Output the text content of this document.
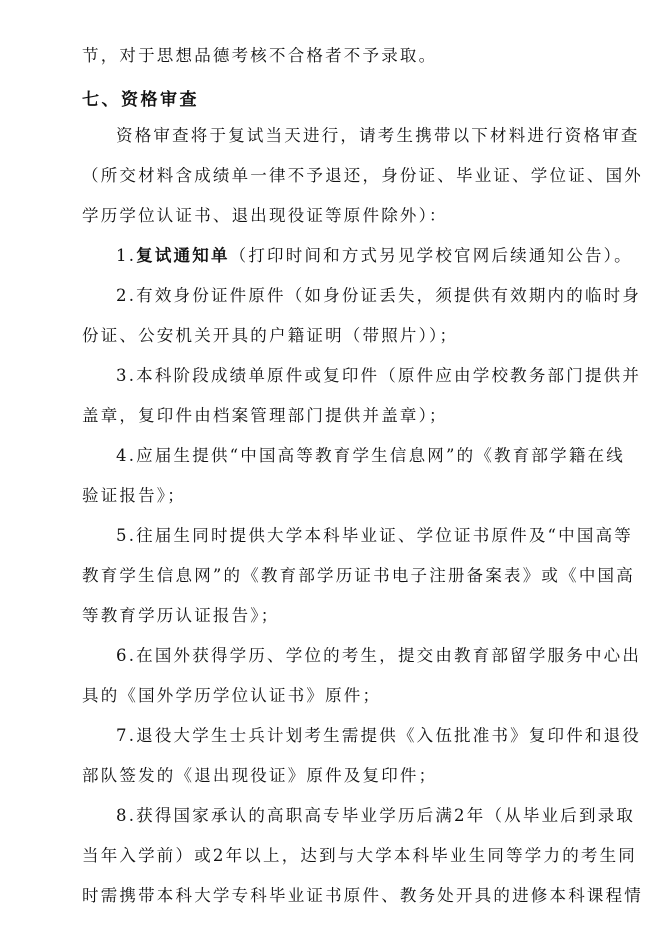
节，对于思想品德考核不合格者不予录取。
七、资格审查
资格审查将于复试当天进行，请考生携带以下材料进行资格审查
（所交材料含成绩单一律不予退还，身份证、毕业证、学位证、国外
学历学位认证书、退出现役证等原件除外）：
1.复试通知单（打印时间和方式另见学校官网后续通知公告）。
2.有效身份证件原件（如身份证丢失，须提供有效期内的临时身
份证、公安机关开具的户籍证明（带照片））；
3.本科阶段成绩单原件或复印件（原件应由学校教务部门提供并
盖章，复印件由档案管理部门提供并盖章）；
4.应届生提供“中国高等教育学生信息网”的《教育部学籍在线
验证报告》；
5.往届生同时提供大学本科毕业证、学位证书原件及“中国高等
教育学生信息网”的《教育部学历证书电子注册备案表》或《中国高
等教育学历认证报告》；
6.在国外获得学历、学位的考生，提交由教育部留学服务中心出
具的《国外学历学位认证书》原件；
7.退役大学生士兵计划考生需提供《入伍批准书》复印件和退役
部队签发的《退出现役证》原件及复印件；
8.获得国家承认的高职高专毕业学历后满2年（从毕业后到录取
当年入学前）或2年以上，达到与大学本科毕业生同等学力的考生同
时需携带本科大学专科毕业证书原件、教务处开具的进修本科课程情
